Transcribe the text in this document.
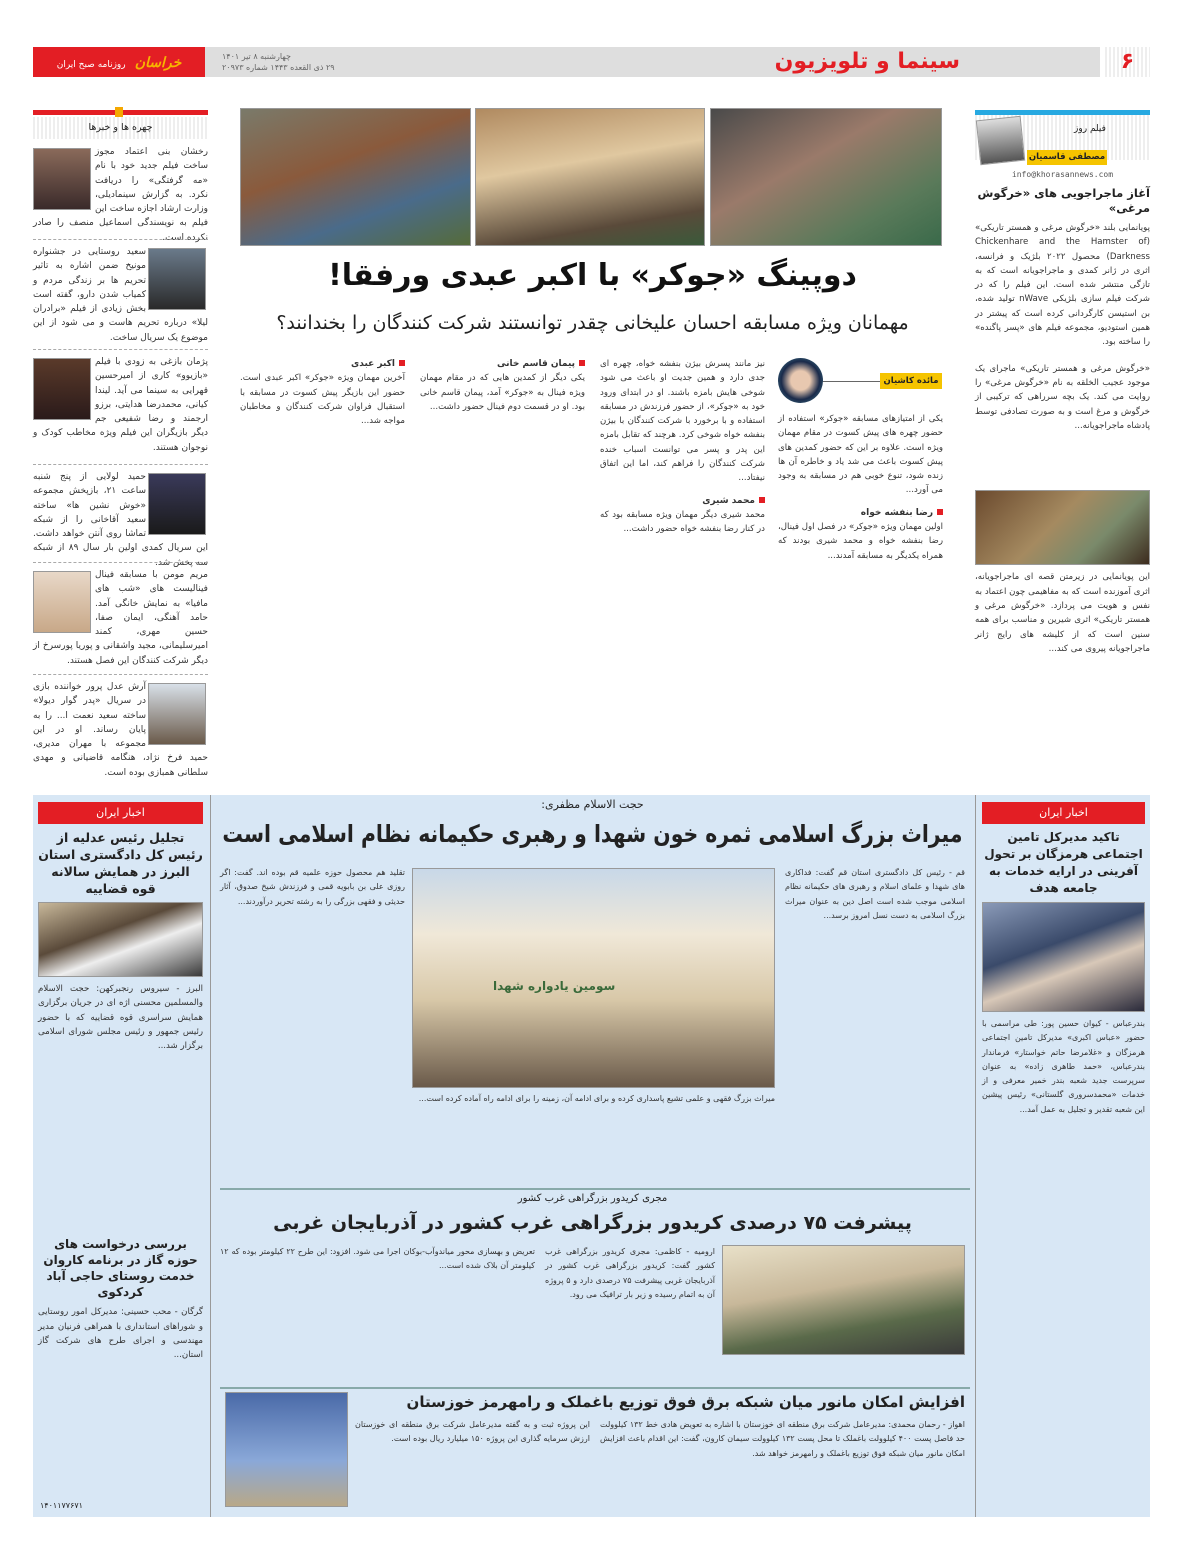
۶
سینما و تلویزیون
چهارشنبه ۸ تیر ۱۴۰۱
۲۹ ذی القعده ۱۴۴۳ شماره ۲۰۹۷۳
خراسان روزنامه صبح ایران
فیلم روز
مصطفی قاسمیان
info@khorasannews.com
آغاز ماجراجویی های «خرگوش مرغی»
پویانمایی بلند «خرگوش مرغی و همستر تاریکی» (Chickenhare and the Hamster of Darkness) محصول ۲۰۲۲ بلژیک و فرانسه، اثری در ژانر کمدی و ماجراجویانه است که به تازگی منتشر شده است. این فیلم را که در شرکت فیلم سازی بلژیکی nWave تولید شده، بن استیسن کارگردانی کرده است که پیشتر در همین استودیو، مجموعه فیلم های «پسر پاگنده» را ساخته بود.
«خرگوش مرغی و همستر تاریکی» ماجرای یک موجود عجیب الخلقه به نام «خرگوش مرغی» را روایت می کند. یک بچه سرراهی که ترکیبی از خرگوش و مرغ است و به صورت تصادفی توسط پادشاه ماجراجویانه...
این پویانمایی در زیرمتن قصه ای ماجراجویانه، اثری آموزنده است که به مفاهیمی چون اعتماد به نفس و هویت می پردازد. «خرگوش مرغی و همستر تاریکی» اثری شیرین و مناسب برای همه سنین است که از کلیشه های رایج ژانر ماجراجویانه پیروی می کند...
دوپینگ «جوکر» با اکبر عبدی ورفقا!
مهمانان ویژه مسابقه احسان علیخانی چقدر توانستند شرکت کنندگان را بخندانند؟
مائده کاشیان

یکی از امتیازهای مسابقه «جوکر» استفاده از حضور چهره های پیش کسوت در مقام مهمان ویژه است. علاوه بر این که حضور کمدین های پیش کسوت باعث می شد یاد و خاطره آن ها زنده شود، تنوع خوبی هم در مسابقه به وجود می آورد...

رضا بنفشه خواه

اولین مهمان ویژه «جوکر» در فصل اول فینال، رضا بنفشه خواه و محمد شیری بودند که همراه یکدیگر به مسابقه آمدند...

نیز مانند پسرش بیژن بنفشه خواه، چهره ای جدی دارد و همین جدیت او باعث می شود شوخی هایش بامزه باشند. او در ابتدای ورود خود به «جوکر»، از حضور فرزندش در مسابقه استفاده و با برخورد با شرکت کنندگان با بیژن بنفشه خواه شوخی کرد. هرچند که تقابل بامزه این پدر و پسر می توانست اسباب خنده شرکت کنندگان را فراهم کند، اما این اتفاق نیفتاد...

محمد شیری

محمد شیری دیگر مهمان ویژه مسابقه بود که در کنار رضا بنفشه خواه حضور داشت...

پیمان قاسم خانی

یکی دیگر از کمدین هایی که در مقام مهمان ویژه فینال به «جوکر» آمد، پیمان قاسم خانی بود. او در قسمت دوم فینال حضور داشت...

اکبر عبدی

آخرین مهمان ویژه «جوکر» اکبر عبدی است. حضور این بازیگر پیش کسوت در مسابقه با استقبال فراوان شرکت کنندگان و مخاطبان مواجه شد...

چهره ها و خبرها
رخشان بنی اعتماد مجوز ساخت فیلم جدید خود با نام «مه گرفتگی» را دریافت نکرد. به گزارش سینمادیلی، وزارت ارشاد اجازه ساخت این فیلم به نویسندگی اسماعیل منصف را صادر نکرده است.
سعید روستایی در جشنواره مونیخ ضمن اشاره به تاثیر تحریم ها بر زندگی مردم و کمیاب شدن دارو، گفته است بخش زیادی از فیلم «برادران لیلا» درباره تحریم هاست و می شود از این موضوع یک سریال ساخت.
پژمان بازغی به زودی با فیلم «بازیوو» کاری از امیرحسین قهرایی به سینما می آید. لیندا کیانی، محمدرضا هدایتی، برزو ارجمند و رضا شفیعی جم دیگر بازیگران این فیلم ویژه مخاطب کودک و نوجوان هستند.
حمید لولایی از پنج شنبه ساعت ۲۱، بازپخش مجموعه «خوش نشین ها» ساخته سعید آقاخانی را از شبکه تماشا روی آنتن خواهد داشت. این سریال کمدی اولین بار سال ۸۹ از شبکه سه پخش شد.
مریم مومن با مسابقه فینال فینالیست های «شب های مافیا» به نمایش خانگی آمد. حامد آهنگی، ایمان صفا، حسین مهری، کمند امیرسلیمانی، مجید واشقانی و پوریا پورسرخ از دیگر شرکت کنندگان این فصل هستند.
آرش عدل پرور خواننده بازی در سریال «پدر گوار دیولا» ساخته سعید نعمت ا... را به پایان رساند. او در این مجموعه با مهران مدیری، حمید فرخ نژاد، هنگامه قاضیانی و مهدی سلطانی همبازی بوده است.
اخبار ایران
تجلیل رئیس عدلیه از رئیس کل دادگستری استان البرز در همایش سالانه قوه قضاییه
البرز - سیروس رنجبرکهن: حجت الاسلام والمسلمین محسنی اژه ای در جریان برگزاری همایش سراسری قوه قضاییه که با حضور رئیس جمهور و رئیس مجلس شورای اسلامی برگزار شد...
بررسی درخواست های حوزه گاز در برنامه کاروان خدمت روستای حاجی آباد کردکوی
گرگان - محب حسینی: مدیرکل امور روستایی و شوراهای استانداری با همراهی فرنیان مدیر مهندسی و اجرای طرح های شرکت گاز استان...
۱۴۰۱۱۷۷۶۷۱
حجت الاسلام مظفری:
میراث بزرگ اسلامی ثمره خون شهدا و رهبری حکیمانه نظام اسلامی است
قم - رئیس کل دادگستری استان قم گفت: فداکاری های شهدا و علمای اسلام و رهبری های حکیمانه نظام اسلامی موجب شده است اصل دین به عنوان میراث بزرگ اسلامی به دست نسل امروز برسد...
سومین یادواره شهدا
تقلید هم محصول حوزه علمیه قم بوده اند. گفت: اگر روزی علی بن بابویه قمی و فرزندش شیخ صدوق، آثار حدیثی و فقهی بزرگی را به رشته تحریر درآوردند...
میراث بزرگ فقهی و علمی تشیع پاسداری کرده و برای ادامه آن، زمینه را برای ادامه راه آماده کرده است...
مجری کریدور بزرگراهی غرب کشور
پیشرفت ۷۵ درصدی کریدور بزرگراهی غرب کشور در آذربایجان غربی
ارومیه - کاظمی: مجری کریدور بزرگراهی غرب کشور گفت: کریدور بزرگراهی غرب کشور در آذربایجان غربی پیشرفت ۷۵ درصدی دارد و ۵ پروژه آن به اتمام رسیده و زیر بار ترافیک می رود.
تعریض و بهسازی محور میاندوآب-بوکان اجرا می شود. افزود: این طرح ۲۲ کیلومتر بوده که ۱۲ کیلومتر آن بلاک شده است...
افزایش امکان مانور میان شبکه برق فوق توزیع باغملک و رامهرمز خوزستان
اهواز - رحمان محمدی: مدیرعامل شرکت برق منطقه ای خوزستان با اشاره به تعویض هادی خط ۱۳۲ کیلوولت حد فاصل پست ۴۰۰ کیلوولت باغملک تا محل پست ۱۳۲ کیلوولت سیمان کارون، گفت: این اقدام باعث افزایش امکان مانور میان شبکه فوق توزیع باغملک و رامهرمز خواهد شد.
این پروژه ثبت و به گفته مدیرعامل شرکت برق منطقه ای خوزستان ارزش سرمایه گذاری این پروژه ۱۵۰ میلیارد ریال بوده است.
اخبار ایران
تاکید مدیرکل تامین اجتماعی هرمزگان بر تحول آفرینی در ارایه خدمات به جامعه هدف
بندرعباس - کیوان حسین پور: طی مراسمی با حضور «عباس اکبری» مدیرکل تامین اجتماعی هرمزگان و «غلامرضا حاتم خواستار» فرماندار بندرعباس، «حمد طاهری زاده» به عنوان سرپرست جدید شعبه بندر خمیر معرفی و از خدمات «محمدسروری گلستانی» رئیس پیشین این شعبه تقدیر و تجلیل به عمل آمد...
